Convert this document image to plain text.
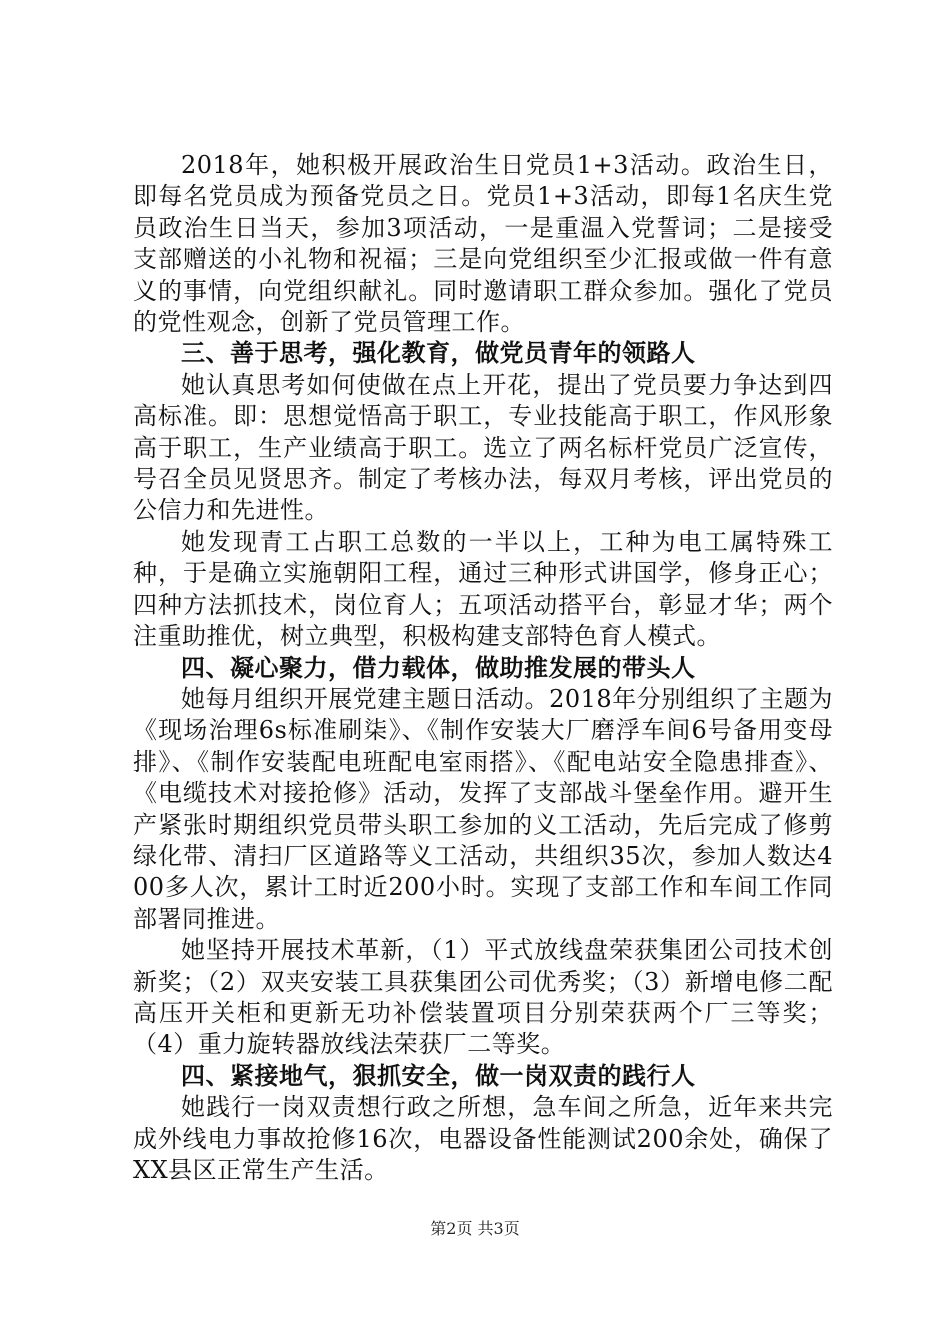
2018年，她积极开展政治生日党员1+3活动。政治生日，即每名党员成为预备党员之日。党员1+3活动，即每1名庆生党员政治生日当天，参加3项活动，一是重温入党誓词；二是接受支部赠送的小礼物和祝福；三是向党组织至少汇报或做一件有意义的事情，向党组织献礼。同时邀请职工群众参加。强化了党员的党性观念，创新了党员管理工作。

三、善于思考，强化教育，做党员青年的领路人

她认真思考如何使做在点上开花，提出了党员要力争达到四高标准。即：思想觉悟高于职工，专业技能高于职工，作风形象高于职工，生产业绩高于职工。选立了两名标杆党员广泛宣传，号召全员见贤思齐。制定了考核办法，每双月考核，评出党员的公信力和先进性。

她发现青工占职工总数的一半以上，工种为电工属特殊工种，于是确立实施朝阳工程，通过三种形式讲国学，修身正心；四种方法抓技术，岗位育人；五项活动搭平台，彰显才华；两个注重助推优，树立典型，积极构建支部特色育人模式。

四、凝心聚力，借力载体，做助推发展的带头人

她每月组织开展党建主题日活动。2018年分别组织了主题为《现场治理6s标准刷柒》、《制作安装大厂磨浮车间6号备用变母排》、《制作安装配电班配电室雨搭》、《配电站安全隐患排查》、《电缆技术对接抢修》活动，发挥了支部战斗堡垒作用。避开生产紧张时期组织党员带头职工参加的义工活动，先后完成了修剪绿化带、清扫厂区道路等义工活动，共组织35次，参加人数达400多人次，累计工时近200小时。实现了支部工作和车间工作同部署同推进。

她坚持开展技术革新，（1）平式放线盘荣获集团公司技术创新奖；（2）双夹安装工具获集团公司优秀奖；（3）新增电修二配高压开关柜和更新无功补偿装置项目分别荣获两个厂三等奖；（4）重力旋转器放线法荣获厂二等奖。

四、紧接地气，狠抓安全，做一岗双责的践行人

她践行一岗双责想行政之所想，急车间之所急，近年来共完成外线电力事故抢修16次，电器设备性能测试200余处，确保了XX县区正常生产生活。

第2页 共3页
